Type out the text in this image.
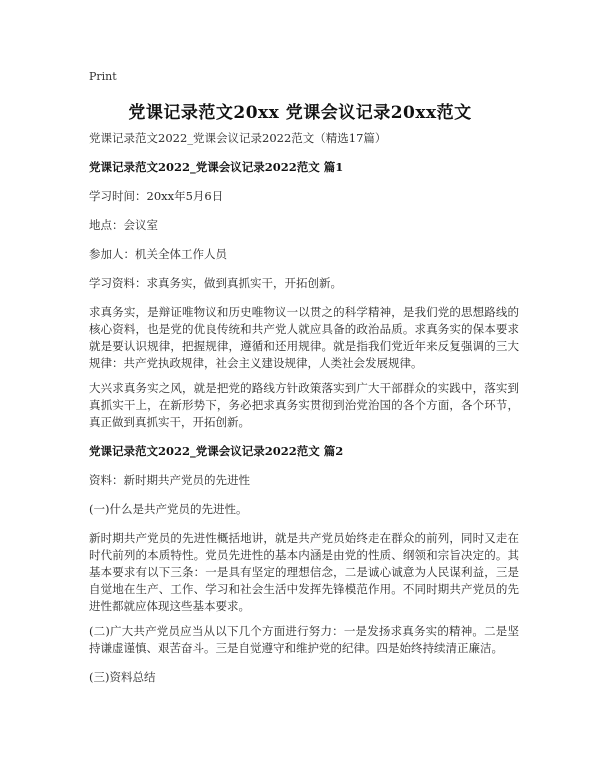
Print
党课记录范文20xx 党课会议记录20xx范文

党课记录范文2022_党课会议记录2022范文（精选17篇）

党课记录范文2022_党课会议记录2022范文 篇1

学习时间：20xx年5月6日

地点：会议室

参加人：机关全体工作人员

学习资料：求真务实，做到真抓实干，开拓创新。

求真务实，是辩证唯物议和历史唯物议一以贯之的科学精神，是我们党的思想路线的核心资料，也是党的优良传统和共产党人就应具备的政治品质。求真务实的保本要求就是要认识规律，把握规律，遵循和还用规律。就是指我们党近年来反复强调的三大规律：共产党执政规律，社会主义建设规律，人类社会发展规律。

大兴求真务实之风，就是把党的路线方针政策落实到广大干部群众的实践中，落实到真抓实干上，在新形势下，务必把求真务实贯彻到治党治国的各个方面，各个环节，真正做到真抓实干，开拓创新。

党课记录范文2022_党课会议记录2022范文 篇2

资料：新时期共产党员的先进性

(一)什么是共产党员的先进性。

新时期共产党员的先进性概括地讲，就是共产党员始终走在群众的前列，同时又走在时代前列的本质特性。党员先进性的基本内涵是由党的性质、纲领和宗旨决定的。其基本要求有以下三条：一是具有坚定的理想信念，二是诚心诚意为人民谋利益，三是自觉地在生产、工作、学习和社会生活中发挥先锋模范作用。不同时期共产党员的先进性都就应体现这些基本要求。

(二)广大共产党员应当从以下几个方面进行努力：一是发扬求真务实的精神。二是坚持谦虚谨慎、艰苦奋斗。三是自觉遵守和维护党的纪律。四是始终持续清正廉洁。

(三)资料总结
